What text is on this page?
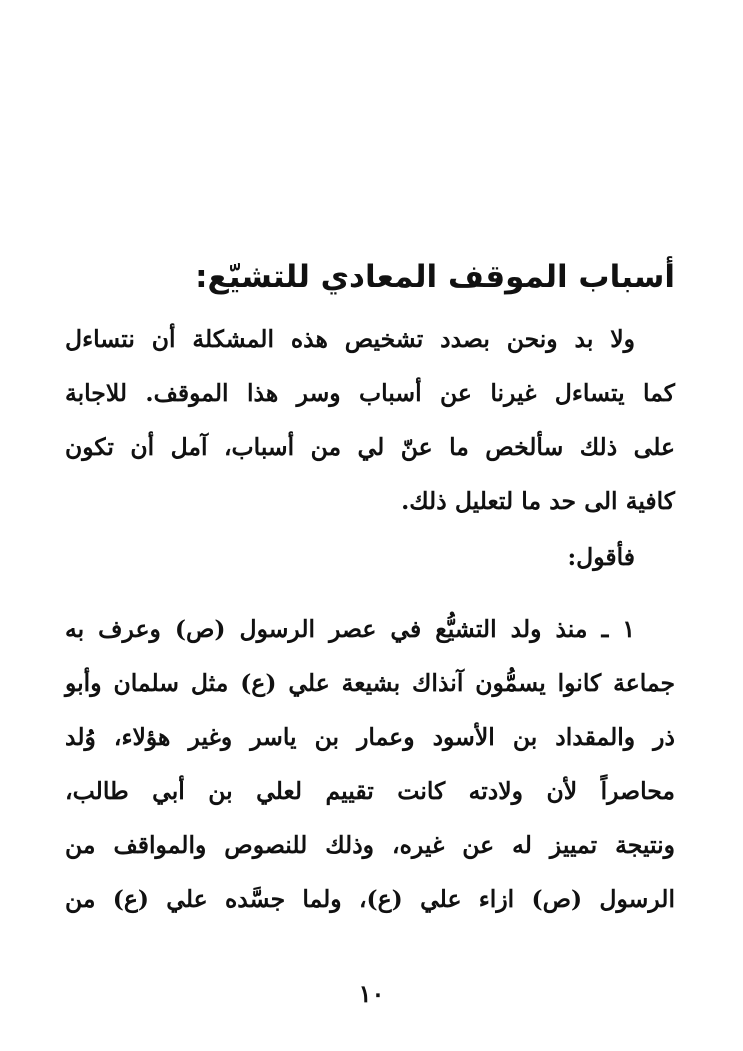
أسباب الموقف المعادي للتشيّع:
ولا بد ونحن بصدد تشخيص هذه المشكلة أن نتساءل
كما يتساءل غيرنا عن أسباب وسر هذا الموقف. للاجابة
على ذلك سألخص ما عنّ لي من أسباب، آمل أن تكون
كافية الى حد ما لتعليل ذلك.
فأقول:
١ ـ منذ ولد التشيُّع في عصر الرسول (ص) وعرف به
جماعة كانوا يسمُّون آنذاك بشيعة علي (ع) مثل سلمان وأبو
ذر والمقداد بن الأسود وعمار بن ياسر وغير هؤلاء، وُلد
محاصراً لأن ولادته كانت تقييم لعلي بن أبي طالب،
ونتيجة تمييز له عن غيره، وذلك للنصوص والمواقف من
الرسول (ص) ازاء علي (ع)، ولما جسَّده علي (ع) من
١٠
